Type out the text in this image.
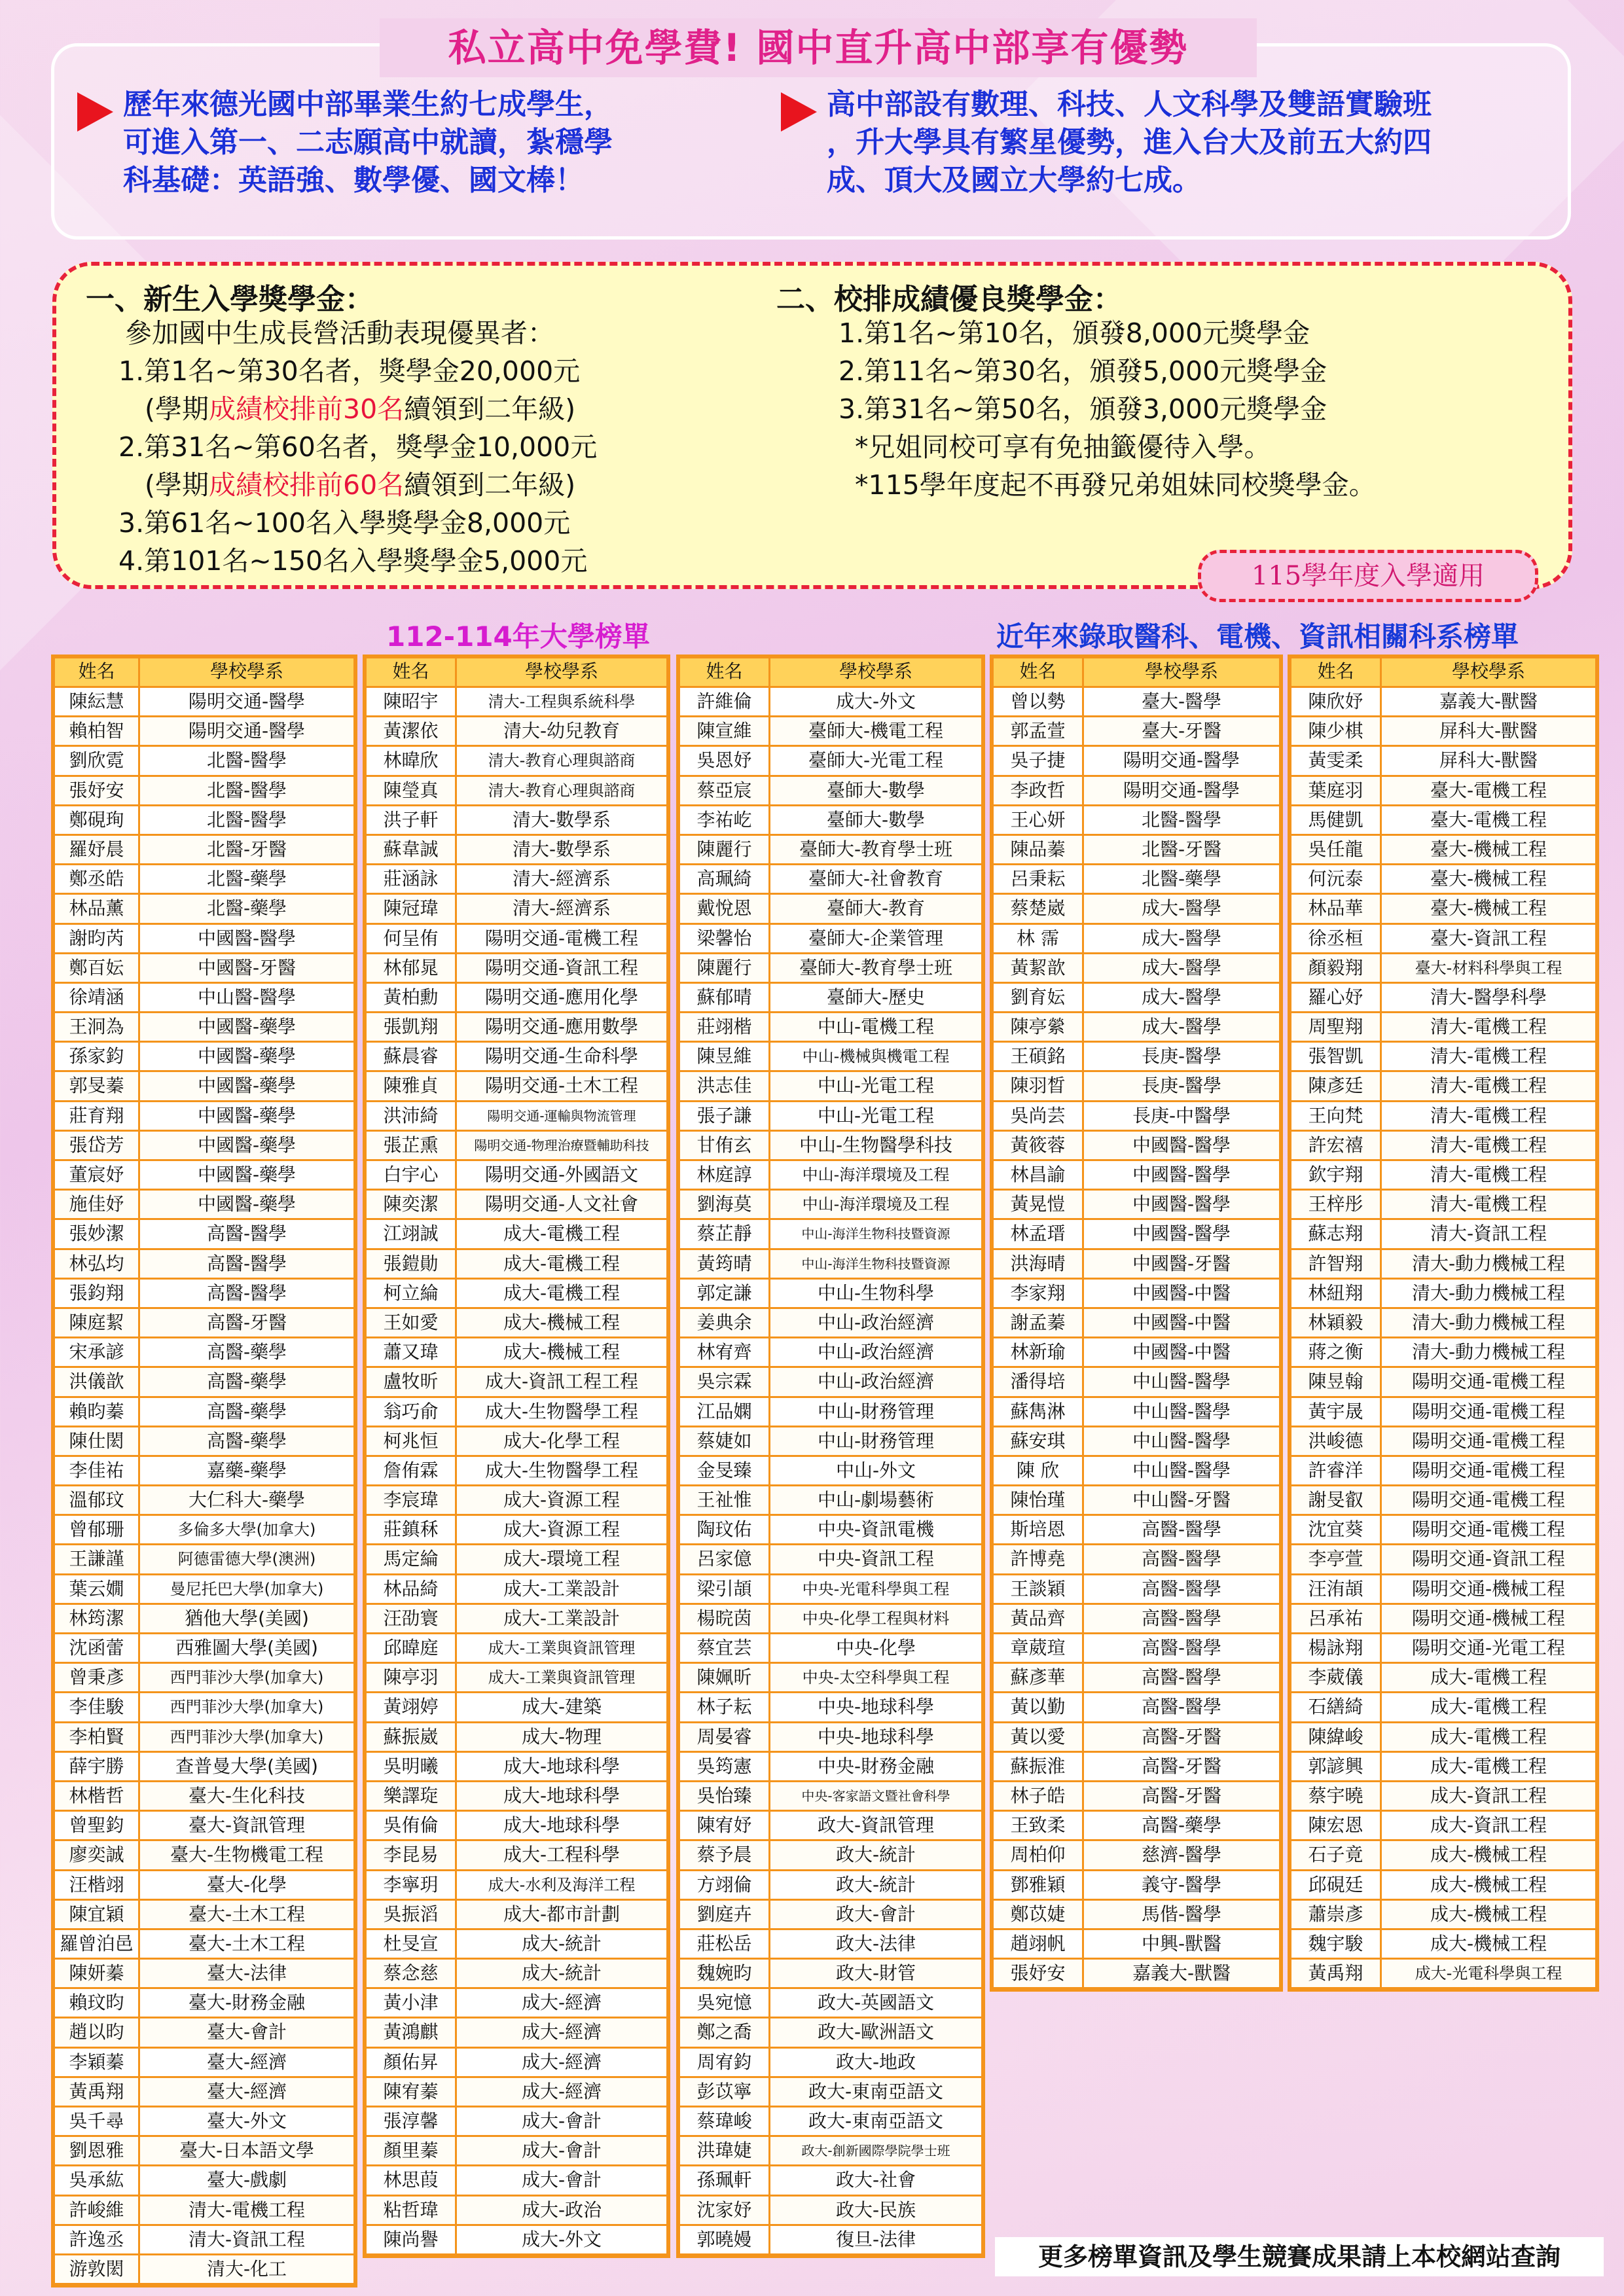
歷年來德光國中部畢業生約七成學生，
可進入第一、二志願高中就讀，紮穩學
科基礎：英語強、數學優、國文棒！
高中部設有數理、科技、人文科學及雙語實驗班
，升大學具有繁星優勢，進入台大及前五大約四
成、頂大及國立大學約七成。
私立高中免學費! 國中直升高中部享有優勢
一、新生入學獎學金：
參加國中生成長營活動表現優異者：
1.第1名~第30名者，獎學金20,000元
(學期成績校排前30名續領到二年級)
2.第31名~第60名者，獎學金10,000元
(學期成績校排前60名續領到二年級)
3.第61名~100名入學獎學金8,000元
4.第101名~150名入學獎學金5,000元
二、校排成績優良獎學金：
1.第1名~第10名，頒發8,000元獎學金
2.第11名~第30名，頒發5,000元獎學金
3.第31名~第50名，頒發3,000元獎學金
*兄姐同校可享有免抽籤優待入學。
*115學年度起不再發兄弟姐妹同校獎學金。
115學年度入學適用
112-114年大學榜單	近年來錄取醫科、電機、資訊相關科系榜單
姓名	學校學系
陳紜慧	陽明交通-醫學
賴柏智	陽明交通-醫學
劉欣霓	北醫-醫學
張妤安	北醫-醫學
鄭硯珣	北醫-醫學
羅妤晨	北醫-牙醫
鄭丞皓	北醫-藥學
林品薰	北醫-藥學
謝昀芮	中國醫-醫學
鄭百妘	中國醫-牙醫
徐靖涵	中山醫-醫學
王泂為	中國醫-藥學
孫家鈞	中國醫-藥學
郭旻蓁	中國醫-藥學
莊育翔	中國醫-藥學
張岱芳	中國醫-藥學
董宸妤	中國醫-藥學
施佳妤	中國醫-藥學
張妙潔	高醫-醫學
林弘均	高醫-醫學
張鈞翔	高醫-醫學
陳庭絜	高醫-牙醫
宋承諺	高醫-藥學
洪儀歆	高醫-藥學
賴昀蓁	高醫-藥學
陳仕閎	高醫-藥學
李佳祐	嘉藥-藥學
溫郁玟	大仁科大-藥學
曾郁珊	多倫多大學(加拿大)
王謙謹	阿德雷德大學(澳洲)
葉云嫺	曼尼托巴大學(加拿大)
林筠潔	猶他大學(美國)
沈函蕾	西雅圖大學(美國)
曾秉彥	西門菲沙大學(加拿大)
李佳駿	西門菲沙大學(加拿大)
李柏賢	西門菲沙大學(加拿大)
薛宇勝	查普曼大學(美國)
林楷哲	臺大-生化科技
曾聖鈞	臺大-資訊管理
廖奕誠	臺大-生物機電工程
汪楷翊	臺大-化學
陳宜穎	臺大-土木工程
羅曾泊邑	臺大-土木工程
陳妍蓁	臺大-法律
賴玟昀	臺大-財務金融
趙以昀	臺大-會計
李穎蓁	臺大-經濟
黃禹翔	臺大-經濟
吳千尋	臺大-外文
劉恩雅	臺大-日本語文學
吳承紘	臺大-戲劇
許峻維	清大-電機工程
許逸丞	清大-資訊工程
游敦閎	清大-化工
姓名	學校學系
陳昭宇	清大-工程與系統科學
黃潔依	清大-幼兒教育
林暐欣	清大-教育心理與諮商
陳瑩真	清大-教育心理與諮商
洪子軒	清大-數學系
蘇韋誠	清大-數學系
莊涵詠	清大-經濟系
陳冠瑋	清大-經濟系
何呈侑	陽明交通-電機工程
林郁晁	陽明交通-資訊工程
黃柏勳	陽明交通-應用化學
張凱翔	陽明交通-應用數學
蘇晨睿	陽明交通-生命科學
陳雅貞	陽明交通-土木工程
洪沛綺	陽明交通-運輸與物流管理
張芷熏	陽明交通-物理治療暨輔助科技
白宇心	陽明交通-外國語文
陳奕潔	陽明交通-人文社會
江翊誠	成大-電機工程
張鎧勛	成大-電機工程
柯立綸	成大-電機工程
王如愛	成大-機械工程
蕭又瑋	成大-機械工程
盧牧昕	成大-資訊工程工程
翁巧俞	成大-生物醫學工程
柯兆恒	成大-化學工程
詹侑霖	成大-生物醫學工程
李宸瑋	成大-資源工程
莊鎮秝	成大-資源工程
馬定綸	成大-環境工程
林品綺	成大-工業設計
汪劭寰	成大-工業設計
邱暐庭	成大-工業與資訊管理
陳亭羽	成大-工業與資訊管理
黃翊婷	成大-建築
蘇振崴	成大-物理
吳明曦	成大-地球科學
樂譯琁	成大-地球科學
吳侑倫	成大-地球科學
李昆易	成大-工程科學
李寧玥	成大-水利及海洋工程
吳振滔	成大-都市計劃
杜旻宣	成大-統計
蔡念慈	成大-統計
黃小津	成大-經濟
黃鴻麒	成大-經濟
顏佑昇	成大-經濟
陳宥蓁	成大-經濟
張淳馨	成大-會計
顏里蓁	成大-會計
林思葭	成大-會計
粘哲瑋	成大-政治
陳尚譽	成大-外文
姓名	學校學系
許維倫	成大-外文
陳宣維	臺師大-機電工程
吳恩妤	臺師大-光電工程
蔡亞宸	臺師大-數學
李祐屹	臺師大-數學
陳麗行	臺師大-教育學士班
高珮綺	臺師大-社會教育
戴悅恩	臺師大-教育
梁馨怡	臺師大-企業管理
陳麗行	臺師大-教育學士班
蘇郁晴	臺師大-歷史
莊翊楷	中山-電機工程
陳昱維	中山-機械與機電工程
洪志佳	中山-光電工程
張子謙	中山-光電工程
甘侑玄	中山-生物醫學科技
林庭諄	中山-海洋環境及工程
劉海莫	中山-海洋環境及工程
蔡芷靜	中山-海洋生物科技暨資源
黃筠晴	中山-海洋生物科技暨資源
郭定謙	中山-生物科學
姜典余	中山-政治經濟
林宥齊	中山-政治經濟
吳宗霖	中山-政治經濟
江品嫻	中山-財務管理
蔡婕如	中山-財務管理
金旻臻	中山-外文
王祉惟	中山-劇場藝術
陶玟佑	中央-資訊電機
呂家億	中央-資訊工程
梁引頡	中央-光電科學與工程
楊晥茵	中央-化學工程與材料
蔡宜芸	中央-化學
陳姵昕	中央-太空科學與工程
林子耘	中央-地球科學
周晏睿	中央-地球科學
吳筠憲	中央-財務金融
吳怡臻	中央-客家語文暨社會科學
陳宥妤	政大-資訊管理
蔡予晨	政大-統計
方翊倫	政大-統計
劉庭卉	政大-會計
莊松岳	政大-法律
魏婉昀	政大-財管
吳宛憶	政大-英國語文
鄭之喬	政大-歐洲語文
周宥鈞	政大-地政
彭苡寧	政大-東南亞語文
蔡瑋峻	政大-東南亞語文
洪瑋婕	政大-創新國際學院學士班
孫珮軒	政大-社會
沈家妤	政大-民族
郭曉嫚	復旦-法律
姓名	學校學系
曾以勢	臺大-醫學
郭孟萱	臺大-牙醫
吳子捷	陽明交通-醫學
李政哲	陽明交通-醫學
王心妍	北醫-醫學
陳品蓁	北醫-牙醫
呂秉耘	北醫-藥學
蔡楚崴	成大-醫學
林 霈	成大-醫學
黃絜歆	成大-醫學
劉育妘	成大-醫學
陳亭縈	成大-醫學
王碩銘	長庚-醫學
陳羽晳	長庚-醫學
吳尚芸	長庚-中醫學
黃筱蓉	中國醫-醫學
林昌諭	中國醫-醫學
黃晃愷	中國醫-醫學
林孟瑨	中國醫-醫學
洪海晴	中國醫-牙醫
李家翔	中國醫-中醫
謝孟蓁	中國醫-中醫
林新瑜	中國醫-中醫
潘得培	中山醫-醫學
蘇雋淋	中山醫-醫學
蘇安琪	中山醫-醫學
陳 欣	中山醫-醫學
陳怡瑾	中山醫-牙醫
斯培恩	高醫-醫學
許博堯	高醫-醫學
王談穎	高醫-醫學
黃品齊	高醫-醫學
章葳瑄	高醫-醫學
蘇彥華	高醫-醫學
黃以勤	高醫-醫學
黃以愛	高醫-牙醫
蘇振淮	高醫-牙醫
林子皓	高醫-牙醫
王致柔	高醫-藥學
周柏仰	慈濟-醫學
鄧雅穎	義守-醫學
鄭苡婕	馬偕-醫學
趙翊帆	中興-獸醫
張妤安	嘉義大-獸醫
姓名	學校學系
陳欣妤	嘉義大-獸醫
陳少棋	屏科大-獸醫
黃雯柔	屏科大-獸醫
葉庭羽	臺大-電機工程
馬健凱	臺大-電機工程
吳任龍	臺大-機械工程
何沅泰	臺大-機械工程
林品華	臺大-機械工程
徐丞桓	臺大-資訊工程
顏毅翔	臺大-材料科學與工程
羅心妤	清大-醫學科學
周聖翔	清大-電機工程
張智凱	清大-電機工程
陳彥廷	清大-電機工程
王向梵	清大-電機工程
許宏禧	清大-電機工程
欽宇翔	清大-電機工程
王梓彤	清大-電機工程
蘇志翔	清大-資訊工程
許智翔	清大-動力機械工程
林紐翔	清大-動力機械工程
林穎毅	清大-動力機械工程
蔣之衡	清大-動力機械工程
陳昱翰	陽明交通-電機工程
黃宇晟	陽明交通-電機工程
洪峻德	陽明交通-電機工程
許睿洋	陽明交通-電機工程
謝旻叡	陽明交通-電機工程
沈宜葵	陽明交通-電機工程
李亭萱	陽明交通-資訊工程
汪洧頡	陽明交通-機械工程
呂承祐	陽明交通-機械工程
楊詠翔	陽明交通-光電工程
李葳儀	成大-電機工程
石繕綺	成大-電機工程
陳緯峻	成大-電機工程
郭諺興	成大-電機工程
蔡宇曉	成大-資訊工程
陳宏恩	成大-資訊工程
石子竟	成大-機械工程
邱硯廷	成大-機械工程
蕭崇彥	成大-機械工程
魏宇駿	成大-機械工程
黃禹翔	成大-光電科學與工程
更多榜單資訊及學生競賽成果請上本校網站查詢
